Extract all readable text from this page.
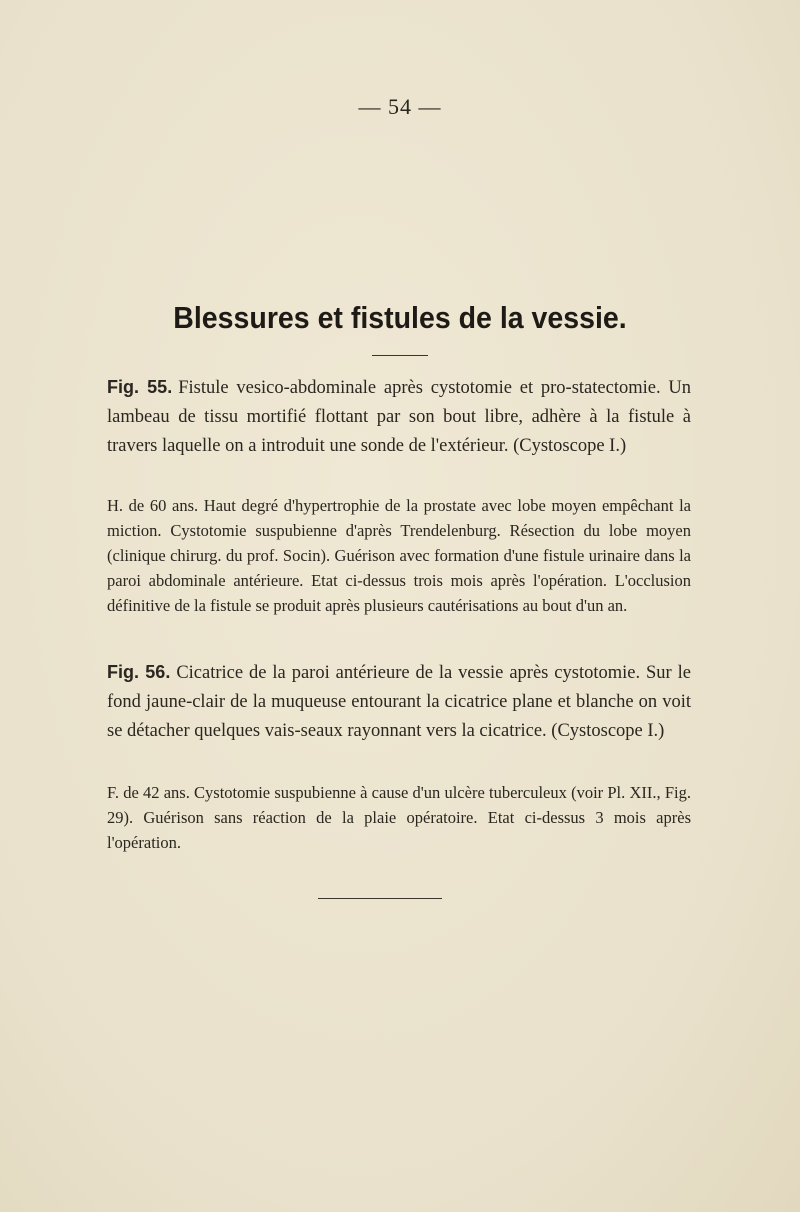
— 54 —
Blessures et fistules de la vessie.

Fig. 55. Fistule vesico-abdominale après cystotomie et pro-statectomie. Un lambeau de tissu mortifié flottant par son bout libre, adhère à la fistule à travers laquelle on a introduit une sonde de l'extérieur. (Cystoscope I.)

H. de 60 ans. Haut degré d'hypertrophie de la prostate avec lobe moyen empêchant la miction. Cystotomie suspubienne d'après Trendelenburg. Résection du lobe moyen (clinique chirurg. du prof. Socin). Guérison avec formation d'une fistule urinaire dans la paroi abdominale antérieure. Etat ci-dessus trois mois après l'opération. L'occlusion définitive de la fistule se produit après plusieurs cautérisations au bout d'un an.

Fig. 56. Cicatrice de la paroi antérieure de la vessie après cystotomie. Sur le fond jaune-clair de la muqueuse entourant la cicatrice plane et blanche on voit se détacher quelques vais-seaux rayonnant vers la cicatrice. (Cystoscope I.)

F. de 42 ans. Cystotomie suspubienne à cause d'un ulcère tuberculeux (voir Pl. XII., Fig. 29). Guérison sans réaction de la plaie opératoire. Etat ci-dessus 3 mois après l'opération.
